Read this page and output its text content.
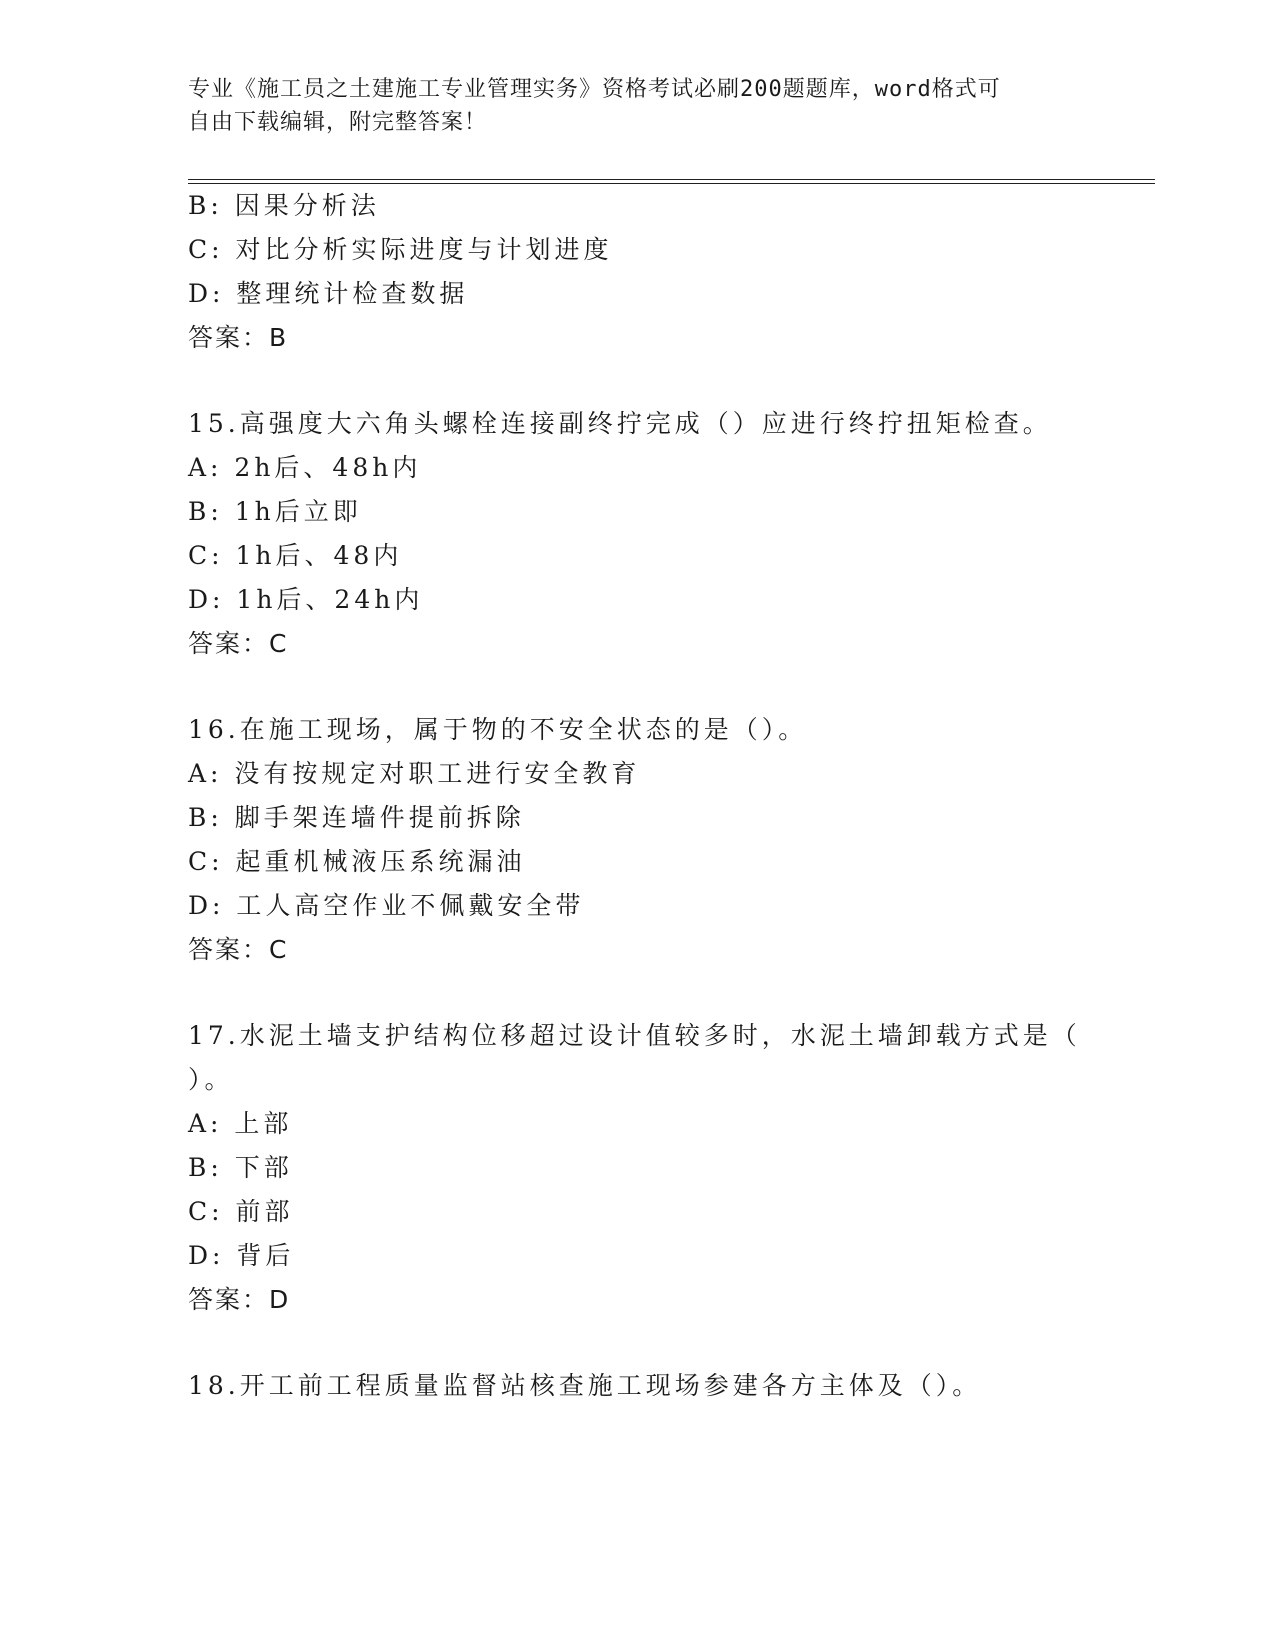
专业《施工员之土建施工专业管理实务》资格考试必刷200题题库，word格式可
自由下载编辑，附完整答案！
B: 因果分析法
C: 对比分析实际进度与计划进度
D: 整理统计检查数据
答案：B
15.高强度大六角头螺栓连接副终拧完成（）应进行终拧扭矩检查。
A: 2h后、48h内
B: 1h后立即
C: 1h后、48内
D: 1h后、24h内
答案：C
16.在施工现场，属于物的不安全状态的是（）。
A: 没有按规定对职工进行安全教育
B: 脚手架连墙件提前拆除
C: 起重机械液压系统漏油
D: 工人高空作业不佩戴安全带
答案：C
17.水泥土墙支护结构位移超过设计值较多时，水泥土墙卸载方式是（
）。
A: 上部
B: 下部
C: 前部
D: 背后
答案：D
18.开工前工程质量监督站核查施工现场参建各方主体及（）。
